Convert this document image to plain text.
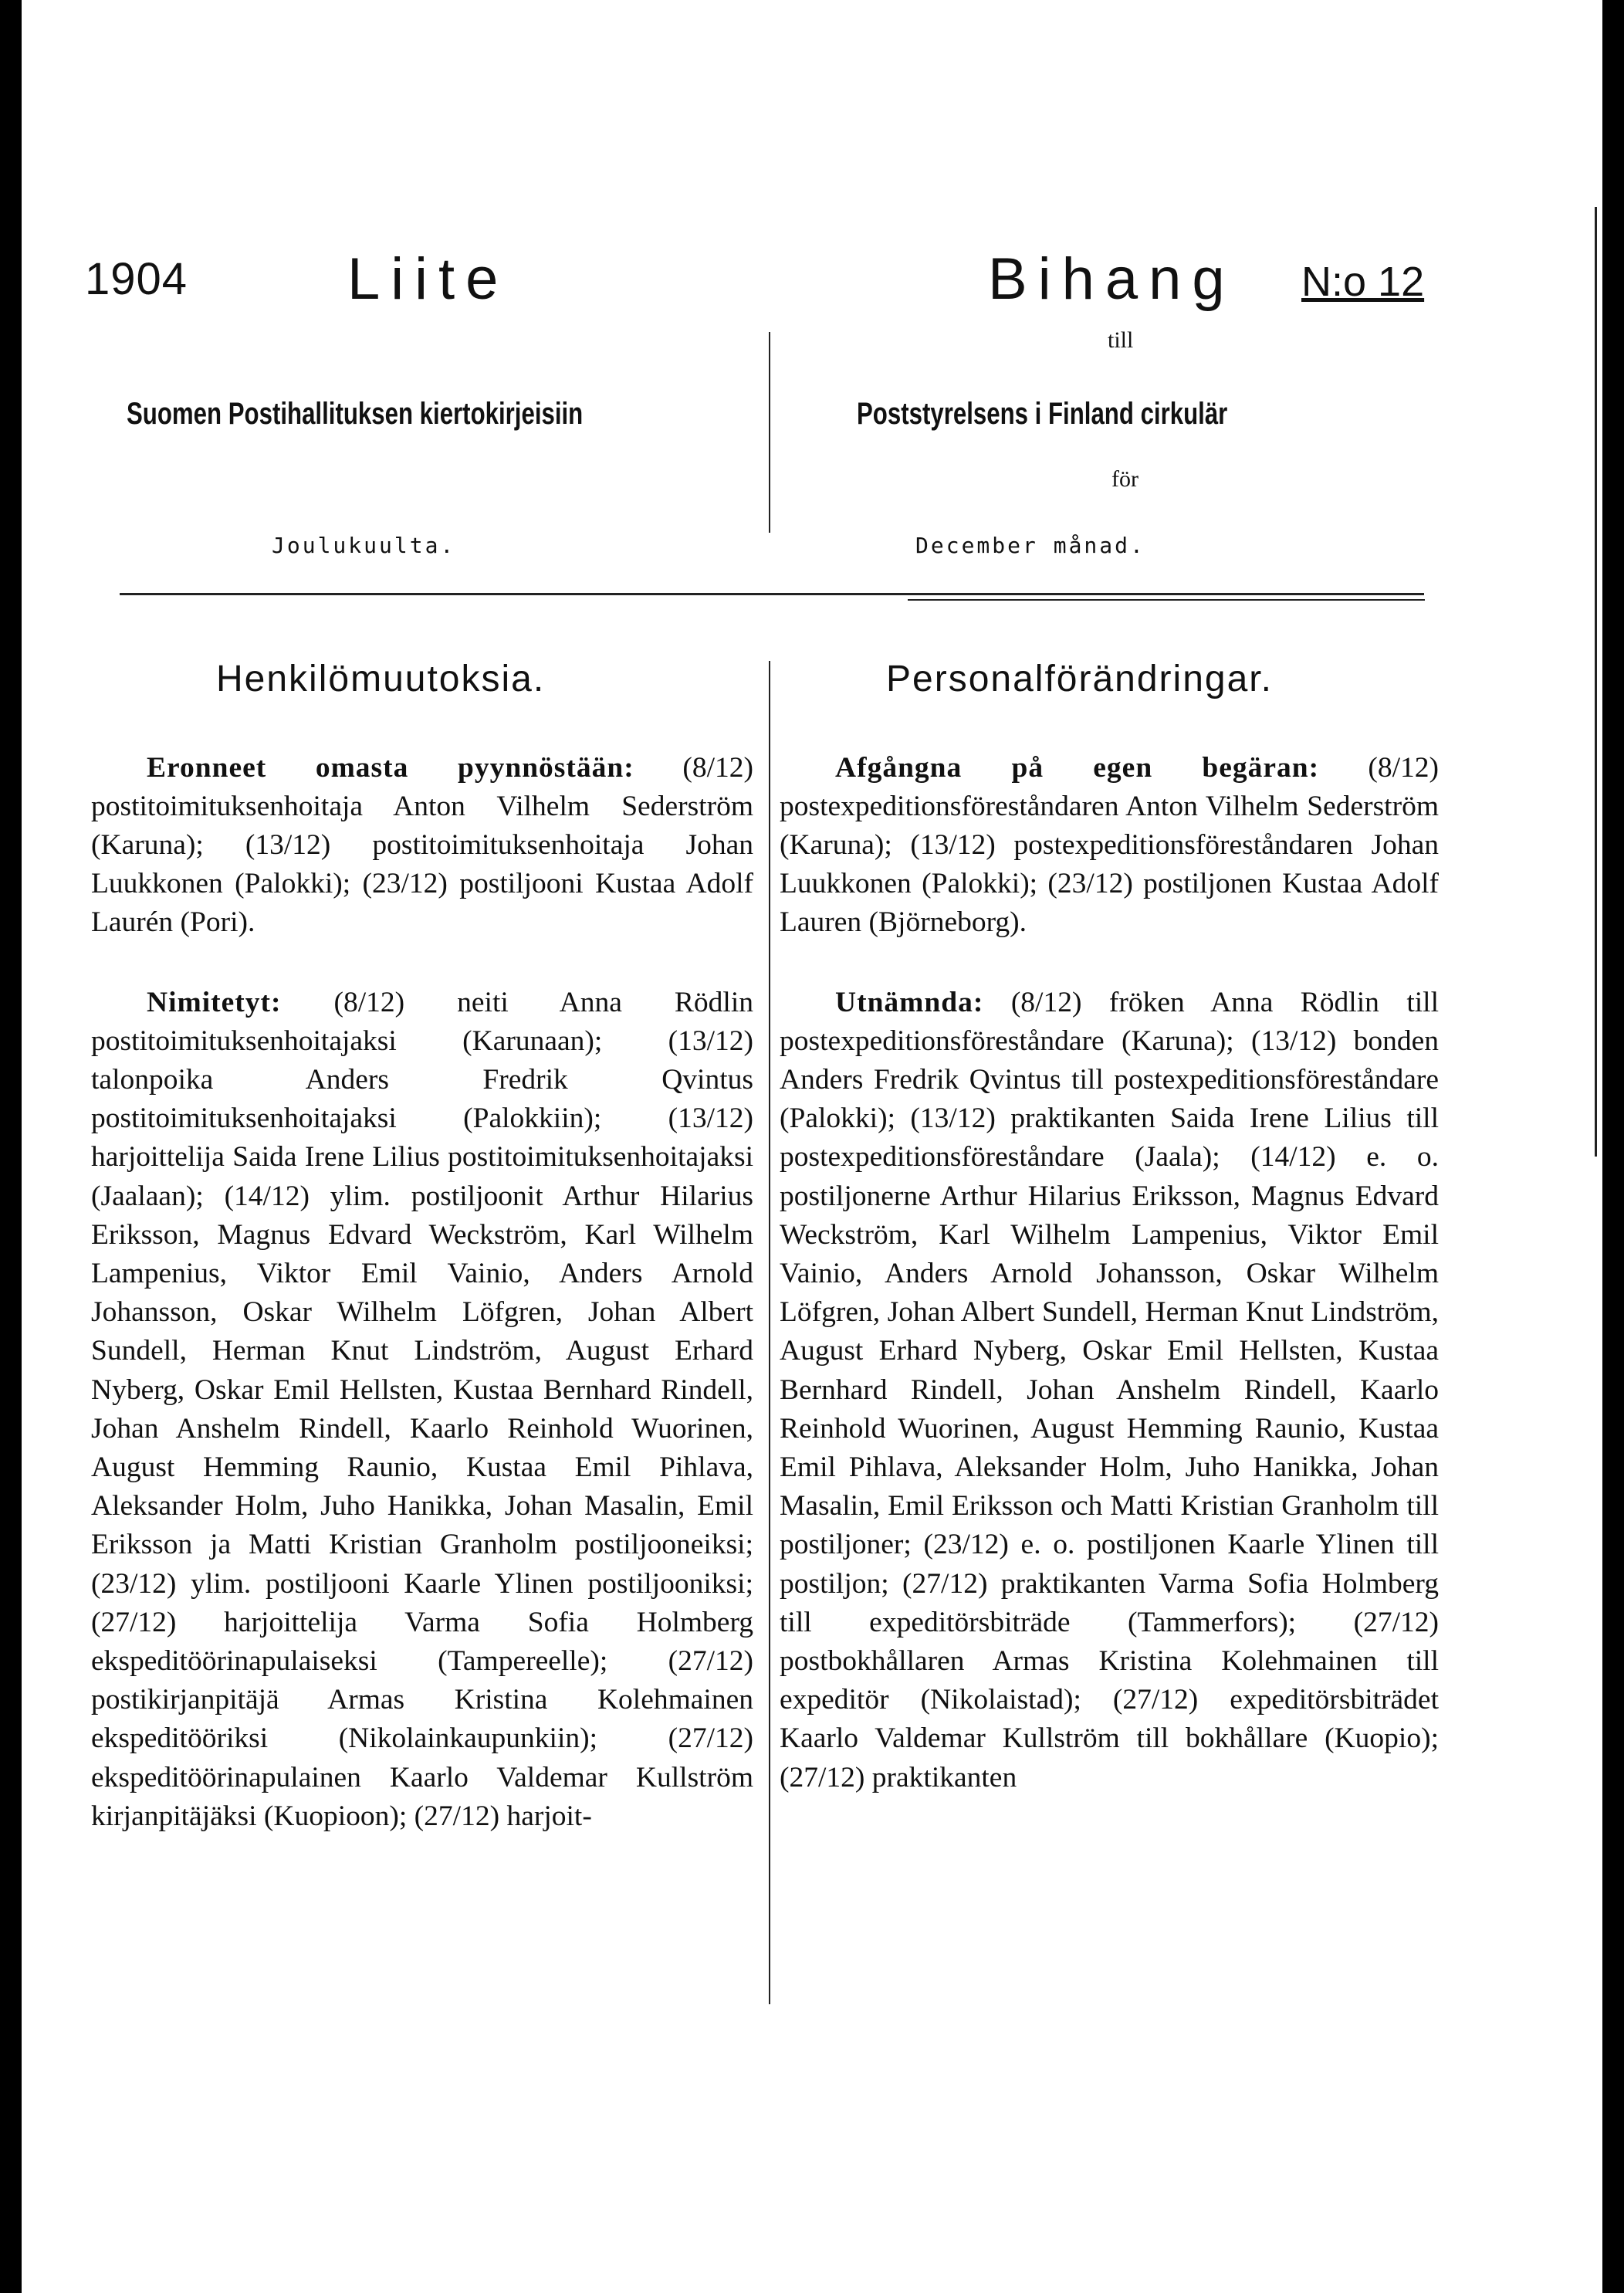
1904	Liite	Bihang N:o 12
till
Suomen Postihallituksen kiertokirjeisiin	Poststyrelsens i Finland cirkulär
för
Joulukuulta.	December månad.
Henkilömuutoksia.	Personalförändringar.

Eronneet omasta pyynnöstään: (8/12) postitoimituksenhoitaja Anton Vilhelm Sederström (Karuna); (13/12) postitoimituksenhoitaja Johan Luukkonen (Palokki); (23/12) postiljooni Kustaa Adolf Laurén (Pori).

Nimitetyt: (8/12) neiti Anna Rödlin postitoimituksenhoitajaksi (Karunaan); (13/12) talonpoika Anders Fredrik Qvintus postitoimituksenhoitajaksi (Palokkiin); (13/12) harjoittelija Saida Irene Lilius postitoimituksenhoitajaksi (Jaalaan); (14/12) ylim. postiljoonit Arthur Hilarius Eriksson, Magnus Edvard Weckström, Karl Wilhelm Lampenius, Viktor Emil Vainio, Anders Arnold Johansson, Oskar Wilhelm Löfgren, Johan Albert Sundell, Herman Knut Lindström, August Erhard Nyberg, Oskar Emil Hellsten, Kustaa Bernhard Rindell, Johan Anshelm Rindell, Kaarlo Reinhold Wuorinen, August Hemming Raunio, Kustaa Emil Pihlava, Aleksander Holm, Juho Hanikka, Johan Masalin, Emil Eriksson ja Matti Kristian Granholm postiljooneiksi; (23/12) ylim. postiljooni Kaarle Ylinen postiljooniksi; (27/12) harjoittelija Varma Sofia Holmberg ekspeditöörinapulaiseksi (Tampereelle); (27/12) postikirjanpitäjä Armas Kristina Kolehmainen ekspeditööriksi (Nikolainkaupunkiin); (27/12) ekspeditöörinapulainen Kaarlo Valdemar Kullström kirjanpitäjäksi (Kuopioon); (27/12) harjoit-

Afgångna på egen begäran: (8/12) postexpeditionsföreståndaren Anton Vilhelm Sederström (Karuna); (13/12) postexpeditionsföreståndaren Johan Luukkonen (Palokki); (23/12) postiljonen Kustaa Adolf Lauren (Björneborg).

Utnämnda: (8/12) fröken Anna Rödlin till postexpeditionsföreståndare (Karuna); (13/12) bonden Anders Fredrik Qvintus till postexpeditionsföreståndare (Palokki); (13/12) praktikanten Saida Irene Lilius till postexpeditionsföreståndare (Jaala); (14/12) e. o. postiljonerne Arthur Hilarius Eriksson, Magnus Edvard Weckström, Karl Wilhelm Lampenius, Viktor Emil Vainio, Anders Arnold Johansson, Oskar Wilhelm Löfgren, Johan Albert Sundell, Herman Knut Lindström, August Erhard Nyberg, Oskar Emil Hellsten, Kustaa Bernhard Rindell, Johan Anshelm Rindell, Kaarlo Reinhold Wuorinen, August Hemming Raunio, Kustaa Emil Pihlava, Aleksander Holm, Juho Hanikka, Johan Masalin, Emil Eriksson och Matti Kristian Granholm till postiljoner; (23/12) e. o. postiljonen Kaarle Ylinen till postiljon; (27/12) praktikanten Varma Sofia Holmberg till expeditörsbiträde (Tammerfors); (27/12) postbokhållaren Armas Kristina Kolehmainen till expeditör (Nikolaistad); (27/12) expeditörsbiträdet Kaarlo Valdemar Kullström till bokhållare (Kuopio); (27/12) praktikanten
